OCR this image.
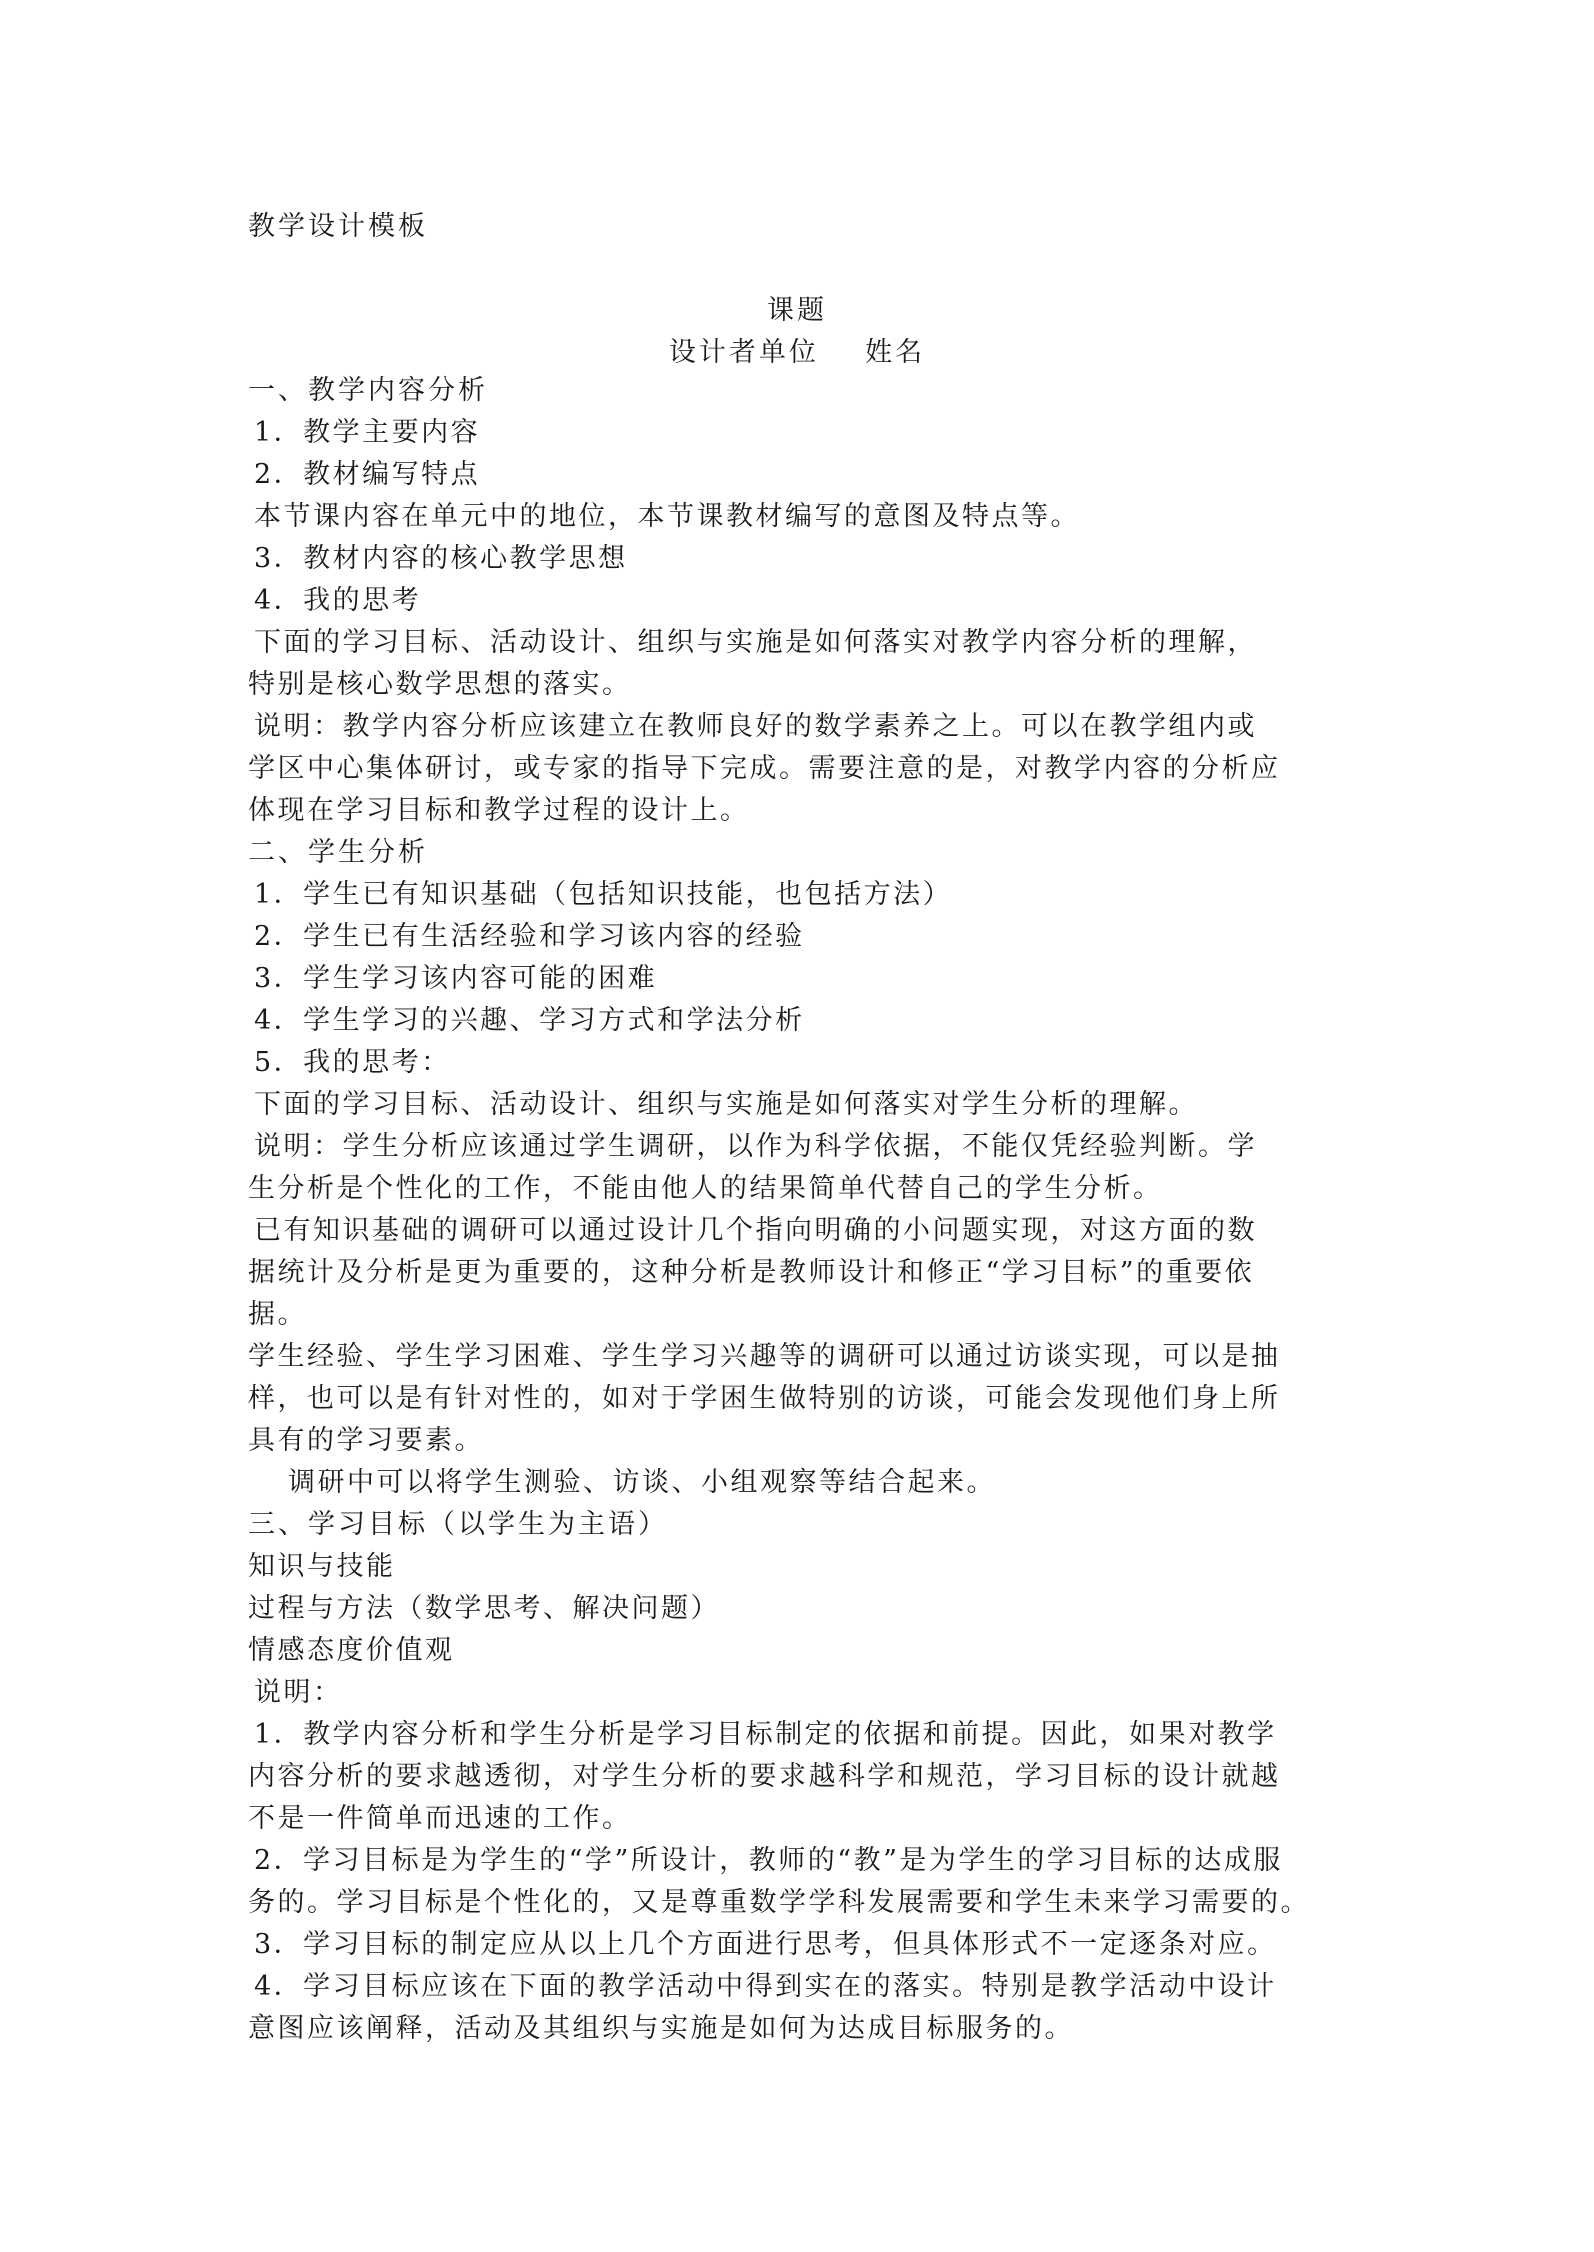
教学设计模板
课题
设计者单位    姓名
一、教学内容分析
1．教学主要内容
2．教材编写特点
本节课内容在单元中的地位，本节课教材编写的意图及特点等。
3．教材内容的核心教学思想
4．我的思考
下面的学习目标、活动设计、组织与实施是如何落实对教学内容分析的理解，
特别是核心数学思想的落实。
说明：教学内容分析应该建立在教师良好的数学素养之上。可以在教学组内或
学区中心集体研讨，或专家的指导下完成。需要注意的是，对教学内容的分析应
体现在学习目标和教学过程的设计上。
二、学生分析
1．学生已有知识基础（包括知识技能，也包括方法）
2．学生已有生活经验和学习该内容的经验
3．学生学习该内容可能的困难
4．学生学习的兴趣、学习方式和学法分析
5．我的思考：
下面的学习目标、活动设计、组织与实施是如何落实对学生分析的理解。
说明：学生分析应该通过学生调研，以作为科学依据，不能仅凭经验判断。学
生分析是个性化的工作，不能由他人的结果简单代替自己的学生分析。
已有知识基础的调研可以通过设计几个指向明确的小问题实现，对这方面的数
据统计及分析是更为重要的，这种分析是教师设计和修正“学习目标”的重要依
据。
学生经验、学生学习困难、学生学习兴趣等的调研可以通过访谈实现，可以是抽
样，也可以是有针对性的，如对于学困生做特别的访谈，可能会发现他们身上所
具有的学习要素。
调研中可以将学生测验、访谈、小组观察等结合起来。
三、学习目标（以学生为主语）
知识与技能
过程与方法（数学思考、解决问题）
情感态度价值观
说明：
1．教学内容分析和学生分析是学习目标制定的依据和前提。因此，如果对教学
内容分析的要求越透彻，对学生分析的要求越科学和规范，学习目标的设计就越
不是一件简单而迅速的工作。
2．学习目标是为学生的“学”所设计，教师的“教”是为学生的学习目标的达成服
务的。学习目标是个性化的，又是尊重数学学科发展需要和学生未来学习需要的。
3．学习目标的制定应从以上几个方面进行思考，但具体形式不一定逐条对应。
4．学习目标应该在下面的教学活动中得到实在的落实。特别是教学活动中设计
意图应该阐释，活动及其组织与实施是如何为达成目标服务的。
